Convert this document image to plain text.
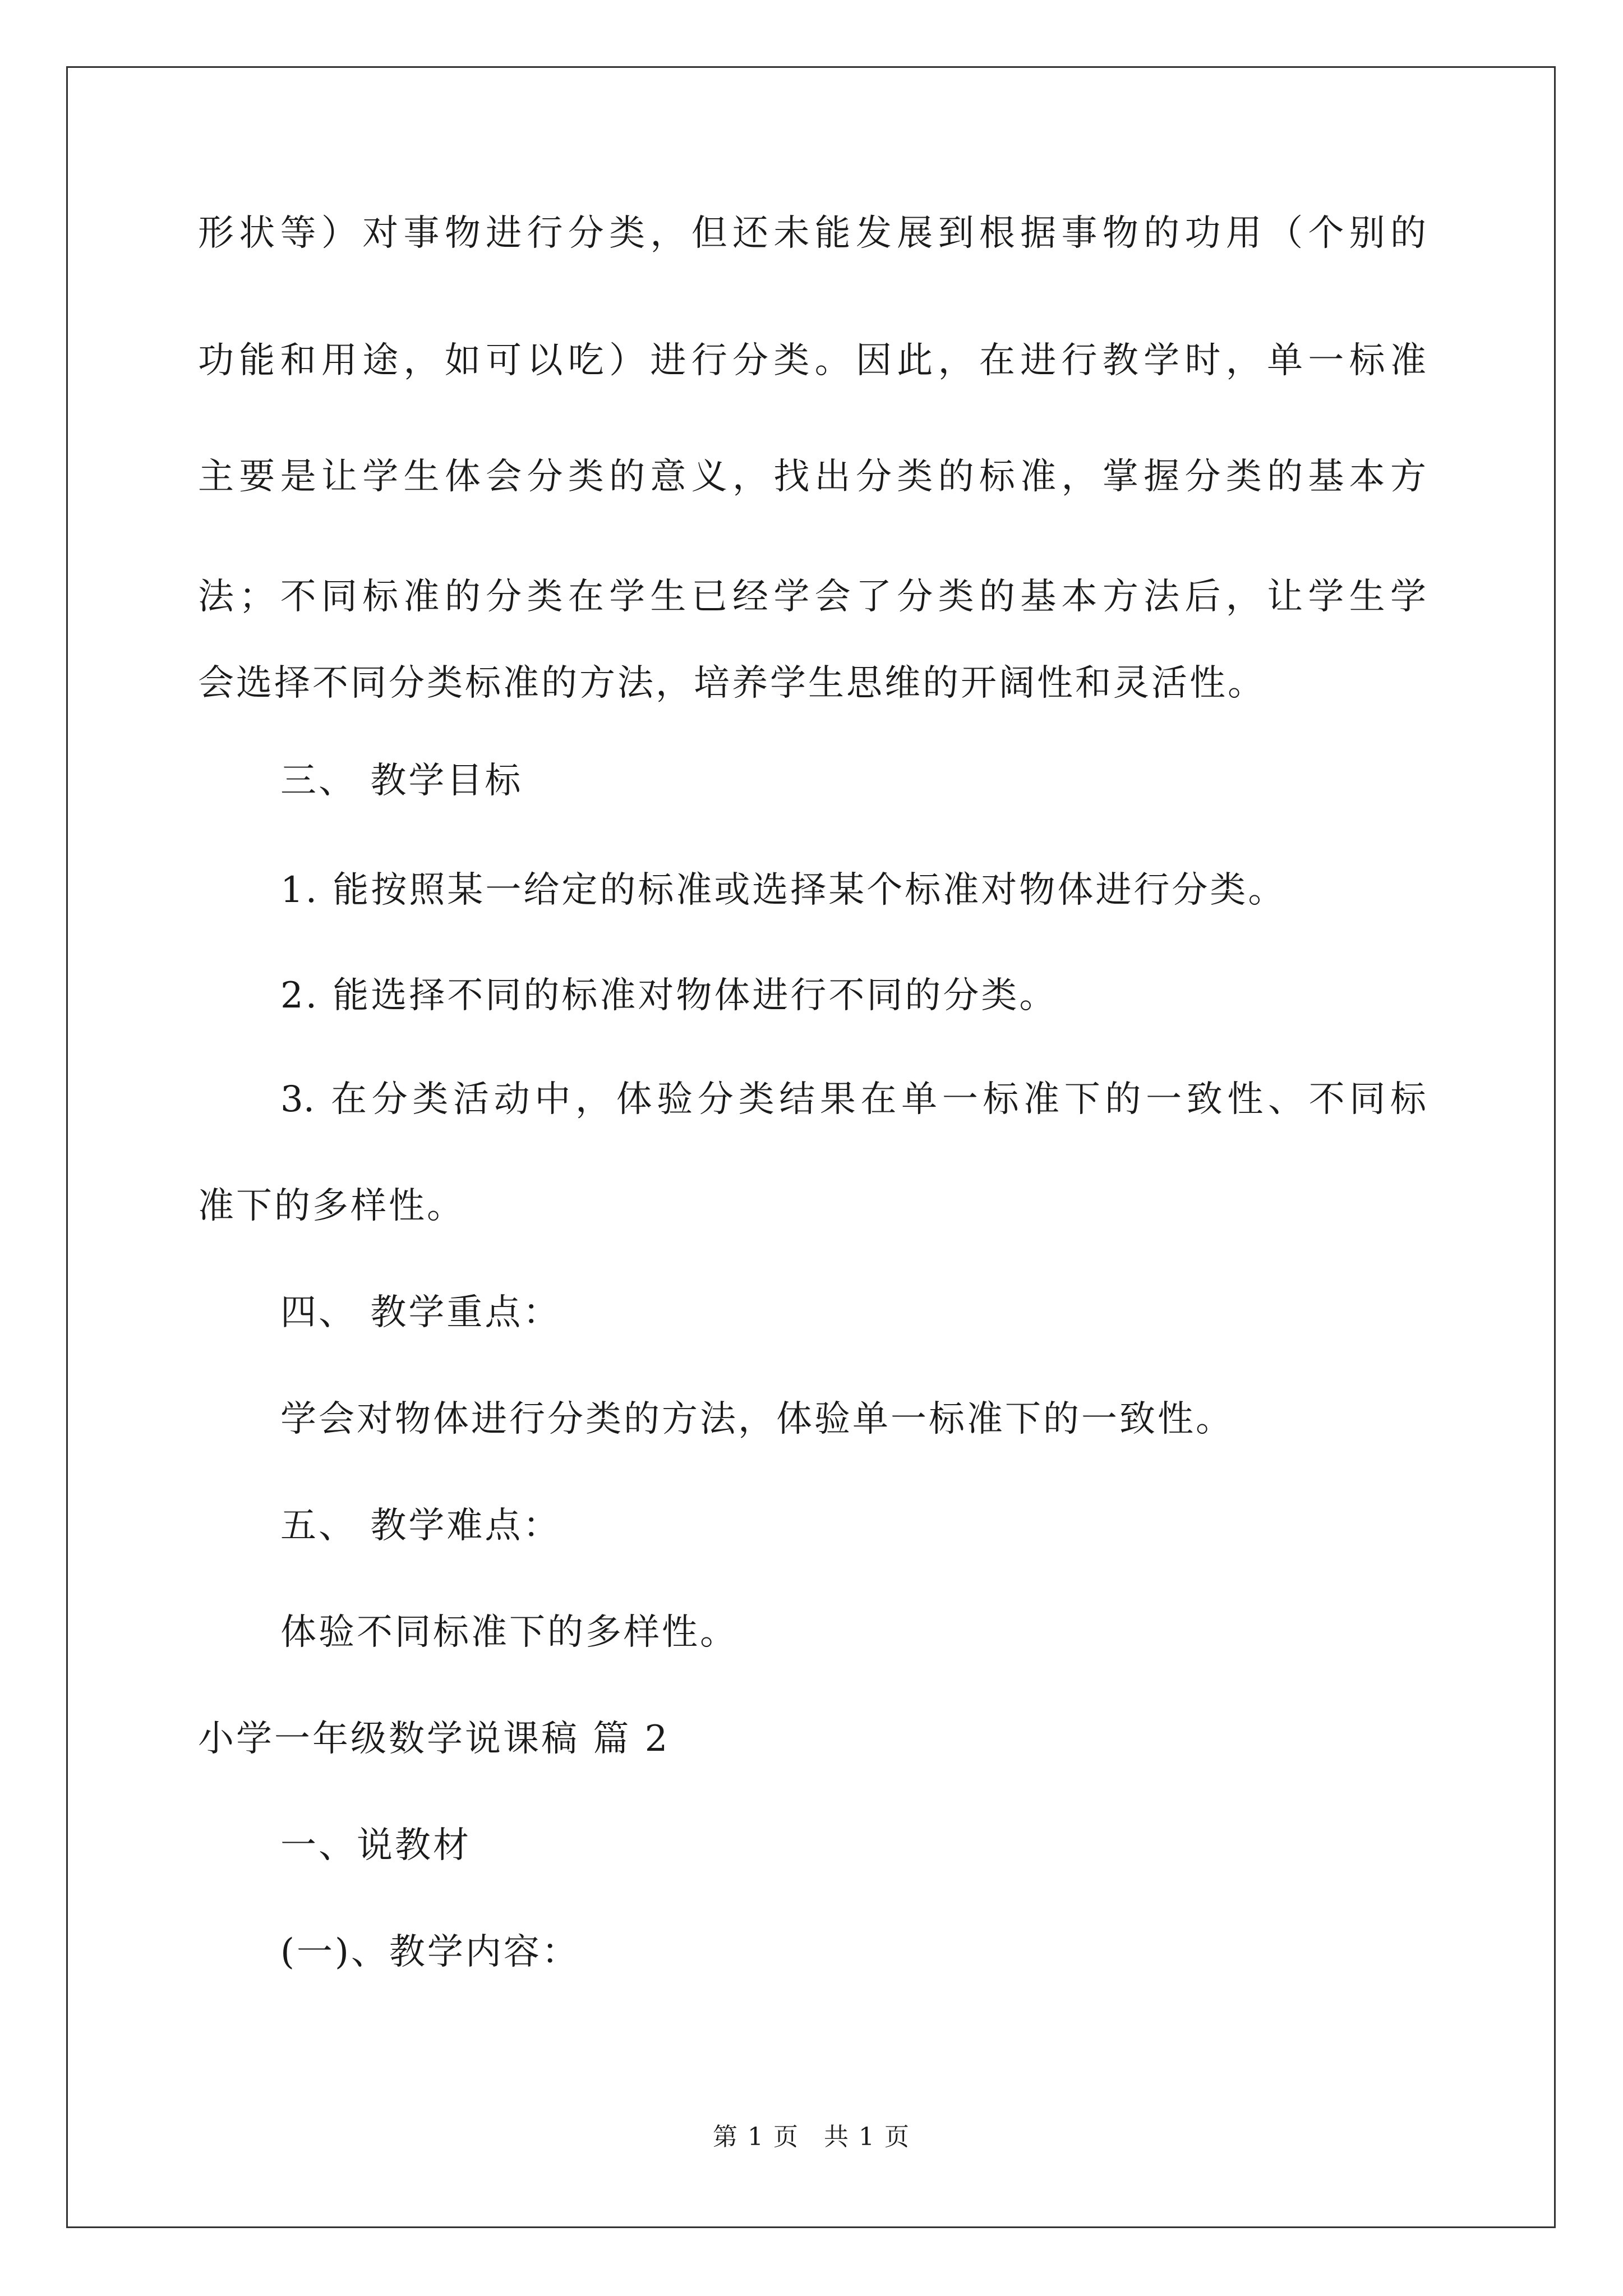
形状等）对事物进行分类，但还未能发展到根据事物的功用（个别的
功能和用途，如可以吃）进行分类。因此，在进行教学时，单一标准
主要是让学生体会分类的意义，找出分类的标准，掌握分类的基本方
法；不同标准的分类在学生已经学会了分类的基本方法后，让学生学
会选择不同分类标准的方法，培养学生思维的开阔性和灵活性。
三、 教学目标
1. 能按照某一给定的标准或选择某个标准对物体进行分类。
2. 能选择不同的标准对物体进行不同的分类。
3. 在分类活动中，体验分类结果在单一标准下的一致性、不同标
准下的多样性。
四、 教学重点：
学会对物体进行分类的方法，体验单一标准下的一致性。
五、 教学难点：
体验不同标准下的多样性。
小学一年级数学说课稿 篇 2
一、说教材
(一)、教学内容：
第 1 页 共 1 页
